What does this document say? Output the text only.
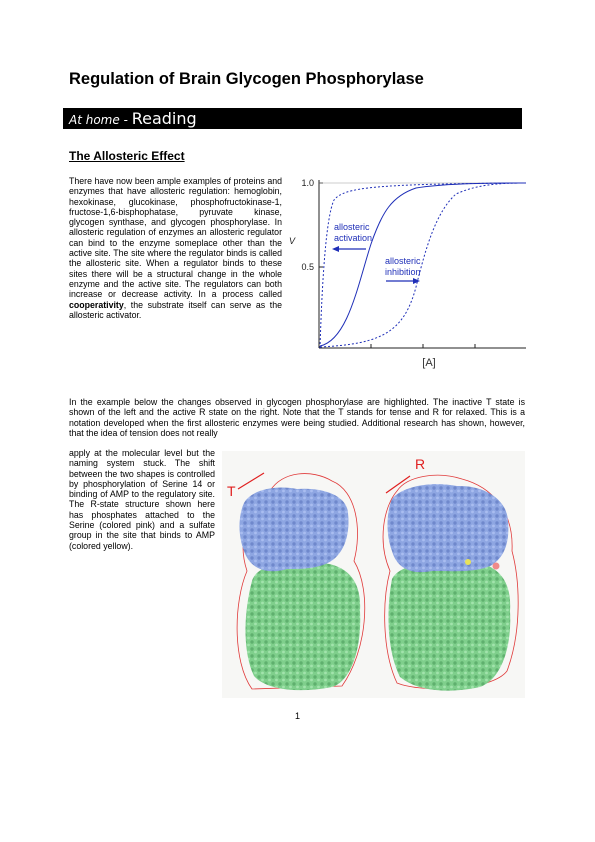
Regulation of Brain Glycogen Phosphorylase
At home - Reading
The Allosteric Effect

There have now been ample examples of proteins and enzymes that have allosteric regulation: hemoglobin, hexokinase, glucokinase, phosphofructokinase-1, fructose-1,6-bisphophatase, pyruvate kinase, glycogen synthase, and glycogen phosphorylase. In allosteric regulation of enzymes an allosteric regulator can bind to the enzyme someplace other than the active site. The site where the regulator binds is called the allosteric site. When a regulator binds to these sites there will be a structural change in the whole enzyme and the active site. The regulators can both increase or decrease activity. In a process called cooperativity, the substrate itself can serve as the allosteric activator.

1.0
0.5
V
[A]
allosteric
activation
allosteric
inhibition

In the example below the changes observed in glycogen phosphorylase are highlighted. The inactive T state is shown of the left and the active R state on the right. Note that the T stands for tense and R for relaxed. This is a notation developed when the first allosteric enzymes were being studied. Additional research has shown, however, that the idea of tension does not really

apply at the molecular level but the naming system stuck. The shift between the two shapes is controlled by phosphorylation of Serine 14 or binding of AMP to the regulatory site. The R-state structure shown here has phosphates attached to the Serine (colored pink) and a sulfate group in the site that binds to AMP (colored yellow).

T
R
1
